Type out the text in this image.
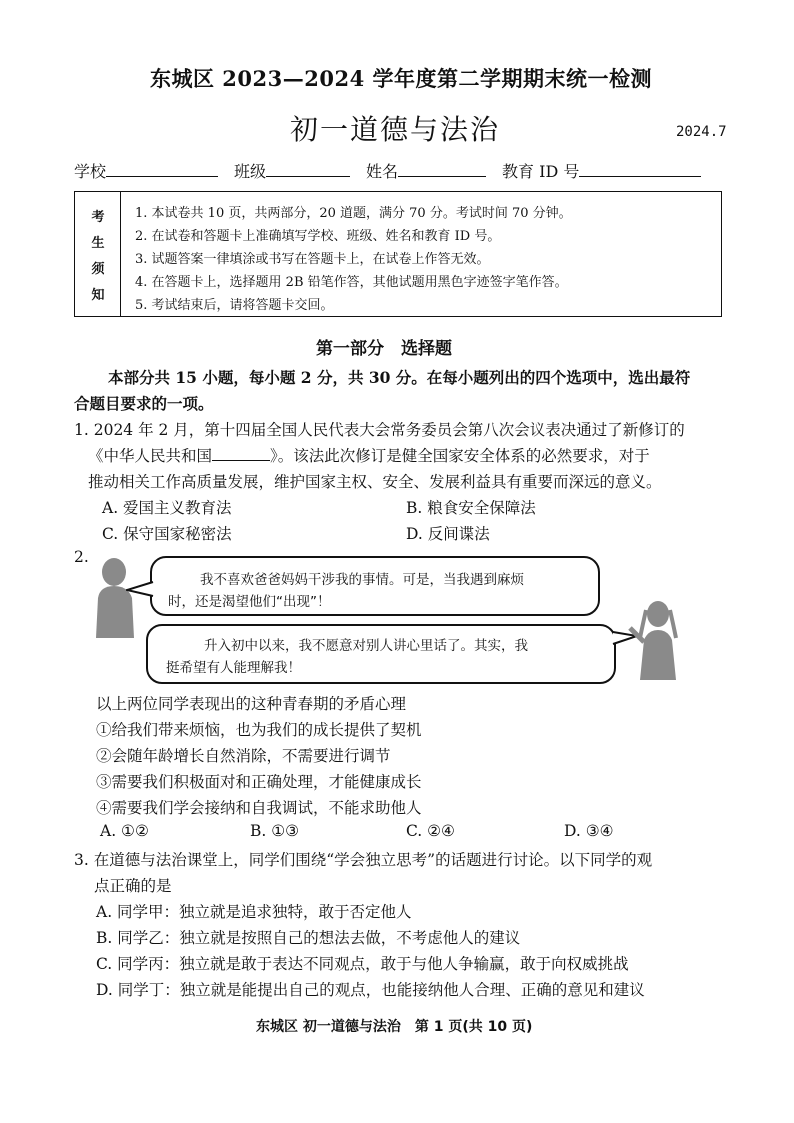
东城区 2023—2024 学年度第二学期期末统一检测
初一道德与法治	2024.7
学校	班级	姓名	教育 ID 号
考
生
须
知
1. 本试卷共 10 页，共两部分，20 道题，满分 70 分。考试时间 70 分钟。
2. 在试卷和答题卡上准确填写学校、班级、姓名和教育 ID 号。
3. 试题答案一律填涂或书写在答题卡上，在试卷上作答无效。
4. 在答题卡上，选择题用 2B 铅笔作答，其他试题用黑色字迹签字笔作答。
5. 考试结束后，请将答题卡交回。
第一部分　选择题
本部分共 15 小题，每小题 2 分，共 30 分。在每小题列出的四个选项中，选出最符
合题目要求的一项。
1. 2024 年 2 月，第十四届全国人民代表大会常务委员会第八次会议表决通过了新修订的
《中华人民共和国	》。该法此次修订是健全国家安全体系的必然要求，对于
推动相关工作高质量发展，维护国家主权、安全、发展利益具有重要而深远的意义。
A. 爱国主义教育法	B. 粮食安全保障法
C. 保守国家秘密法	D. 反间谍法
2.
我不喜欢爸爸妈妈干涉我的事情。可是，当我遇到麻烦
时，还是渴望他们“出现”！
升入初中以来，我不愿意对别人讲心里话了。其实，我
挺希望有人能理解我！
以上两位同学表现出的这种青春期的矛盾心理
①给我们带来烦恼，也为我们的成长提供了契机
②会随年龄增长自然消除，不需要进行调节
③需要我们积极面对和正确处理，才能健康成长
④需要我们学会接纳和自我调试，不能求助他人
A. ①②	B. ①③	C. ②④	D. ③④
3. 在道德与法治课堂上，同学们围绕“学会独立思考”的话题进行讨论。以下同学的观
点正确的是
A. 同学甲：独立就是追求独特，敢于否定他人
B. 同学乙：独立就是按照自己的想法去做，不考虑他人的建议
C. 同学丙：独立就是敢于表达不同观点，敢于与他人争输赢，敢于向权威挑战
D. 同学丁：独立就是能提出自己的观点，也能接纳他人合理、正确的意见和建议
东城区 初一道德与法治　第 1 页(共 10 页)
